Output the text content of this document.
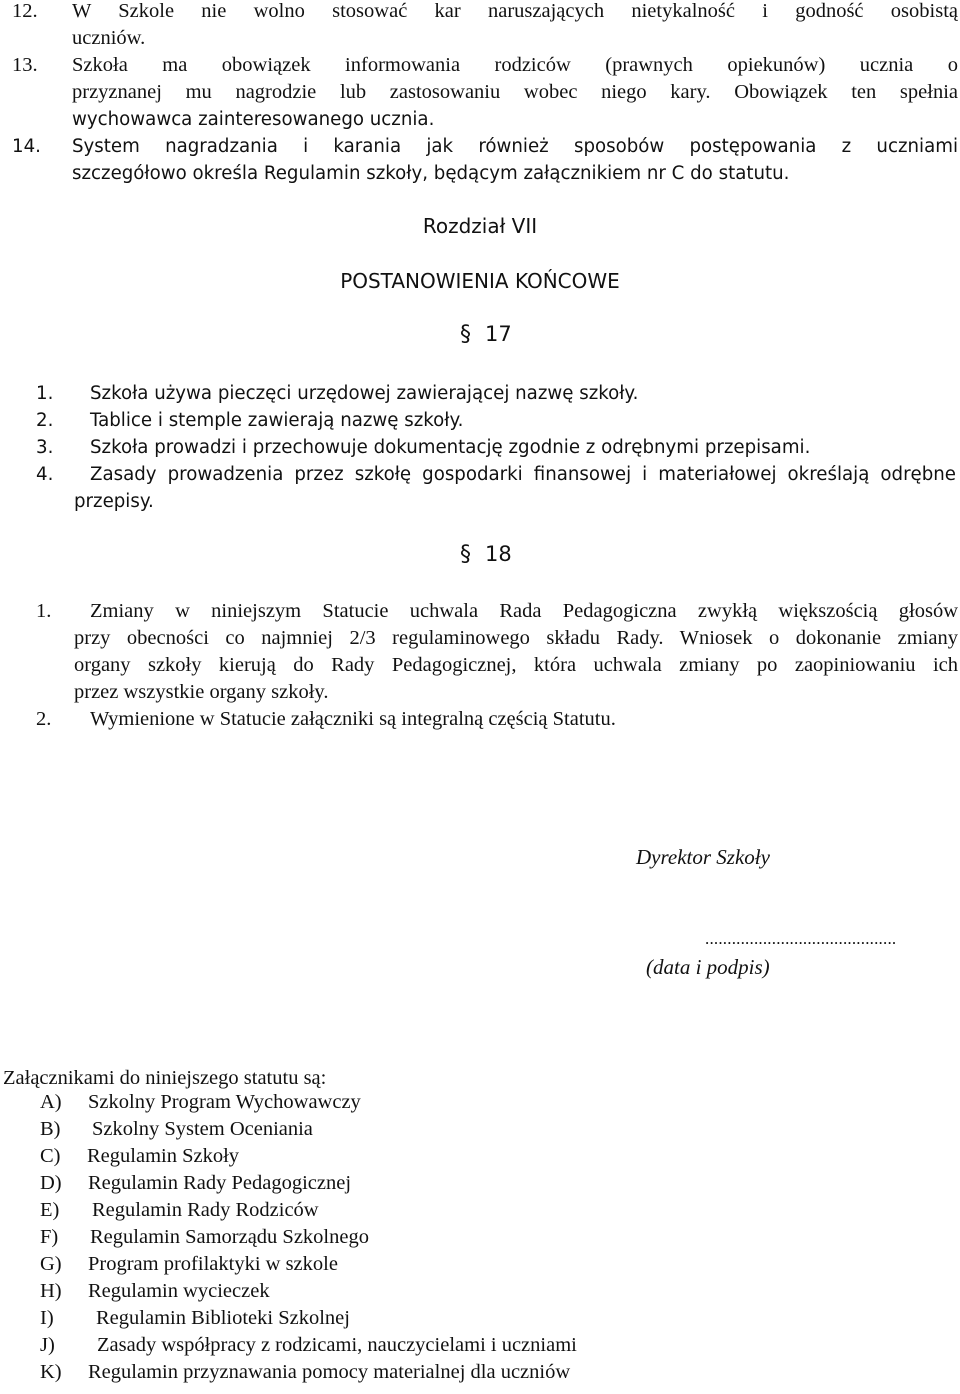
12. W Szkole nie wolno stosować kar naruszających nietykalność i godność osobistą
uczniów.
13. Szkoła ma obowiązek informowania rodziców (prawnych opiekunów) ucznia o
przyznanej mu nagrodzie lub zastosowaniu wobec niego kary. Obowiązek ten spełnia
wychowawca zainteresowanego ucznia.
14. System nagradzania i karania jak również sposobów postępowania z uczniami
szczegółowo określa Regulamin szkoły, będącym załącznikiem nr C do statutu.
Rozdział VII
POSTANOWIENIA KOŃCOWE
§ 17
1. Szkoła używa pieczęci urzędowej zawierającej nazwę szkoły.
2. Tablice i stemple zawierają nazwę szkoły.
3. Szkoła prowadzi i przechowuje dokumentację zgodnie z odrębnymi przepisami.
4. Zasady prowadzenia przez szkołę gospodarki finansowej i materiałowej określają odrębne
przepisy.
§ 18
1. Zmiany w niniejszym Statucie uchwala Rada Pedagogiczna zwykłą większością głosów
przy obecności co najmniej 2/3 regulaminowego składu Rady. Wniosek o dokonanie zmiany
organy szkoły kierują do Rady Pedagogicznej, która uchwala zmiany po zaopiniowaniu ich
przez wszystkie organy szkoły.
2. Wymienione w Statucie załączniki są integralną częścią Statutu.
Dyrektor Szkoły
...........................................
(data i podpis)
Załącznikami do niniejszego statutu są:
A) Szkolny Program Wychowawczy
B) Szkolny System Oceniania
C) Regulamin Szkoły
D) Regulamin Rady Pedagogicznej
E) Regulamin Rady Rodziców
F) Regulamin Samorządu Szkolnego
G) Program profilaktyki w szkole
H) Regulamin wycieczek
I) Regulamin Biblioteki Szkolnej
J) Zasady współpracy z rodzicami, nauczycielami i uczniami
K) Regulamin przyznawania pomocy materialnej dla uczniów
